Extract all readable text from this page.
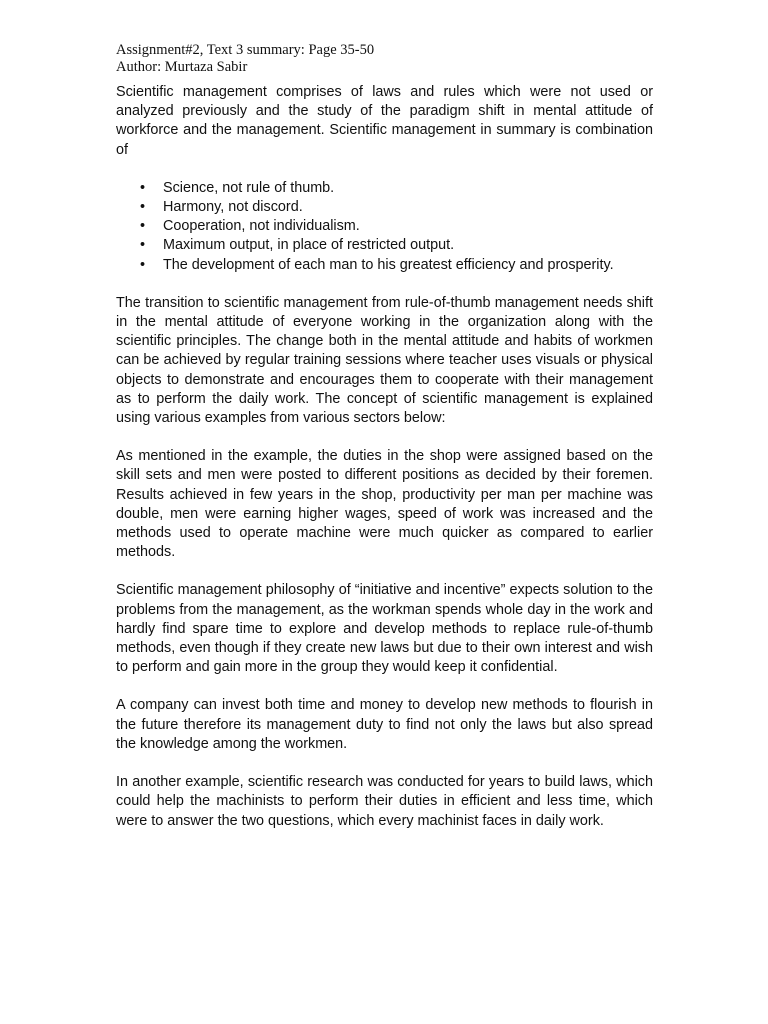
Assignment#2, Text 3 summary: Page 35-50
Author: Murtaza Sabir

Scientific management comprises of laws and rules which were not used or analyzed previously and the study of the paradigm shift in mental attitude of workforce and the management. Scientific management in summary is combination of

• Science, not rule of thumb.
• Harmony, not discord.
• Cooperation, not individualism.
• Maximum output, in place of restricted output.
• The development of each man to his greatest efficiency and prosperity.

The transition to scientific management from rule-of-thumb management needs shift in the mental attitude of everyone working in the organization along with the scientific principles. The change both in the mental attitude and habits of workmen can be achieved by regular training sessions where teacher uses visuals or physical objects to demonstrate and encourages them to cooperate with their management as to perform the daily work. The concept of scientific management is explained using various examples from various sectors below:

As mentioned in the example, the duties in the shop were assigned based on the skill sets and men were posted to different positions as decided by their foremen. Results achieved in few years in the shop, productivity per man per machine was double, men were earning higher wages, speed of work was increased and the methods used to operate machine were much quicker as compared to earlier methods.

Scientific management philosophy of “initiative and incentive” expects solution to the problems from the management, as the workman spends whole day in the work and hardly find spare time to explore and develop methods to replace rule-of-thumb methods, even though if they create new laws but due to their own interest and wish to perform and gain more in the group they would keep it confidential.

A company can invest both time and money to develop new methods to flourish in the future therefore its management duty to find not only the laws but also spread the knowledge among the workmen.

In another example, scientific research was conducted for years to build laws, which could help the machinists to perform their duties in efficient and less time, which were to answer the two questions, which every machinist faces in daily work.
